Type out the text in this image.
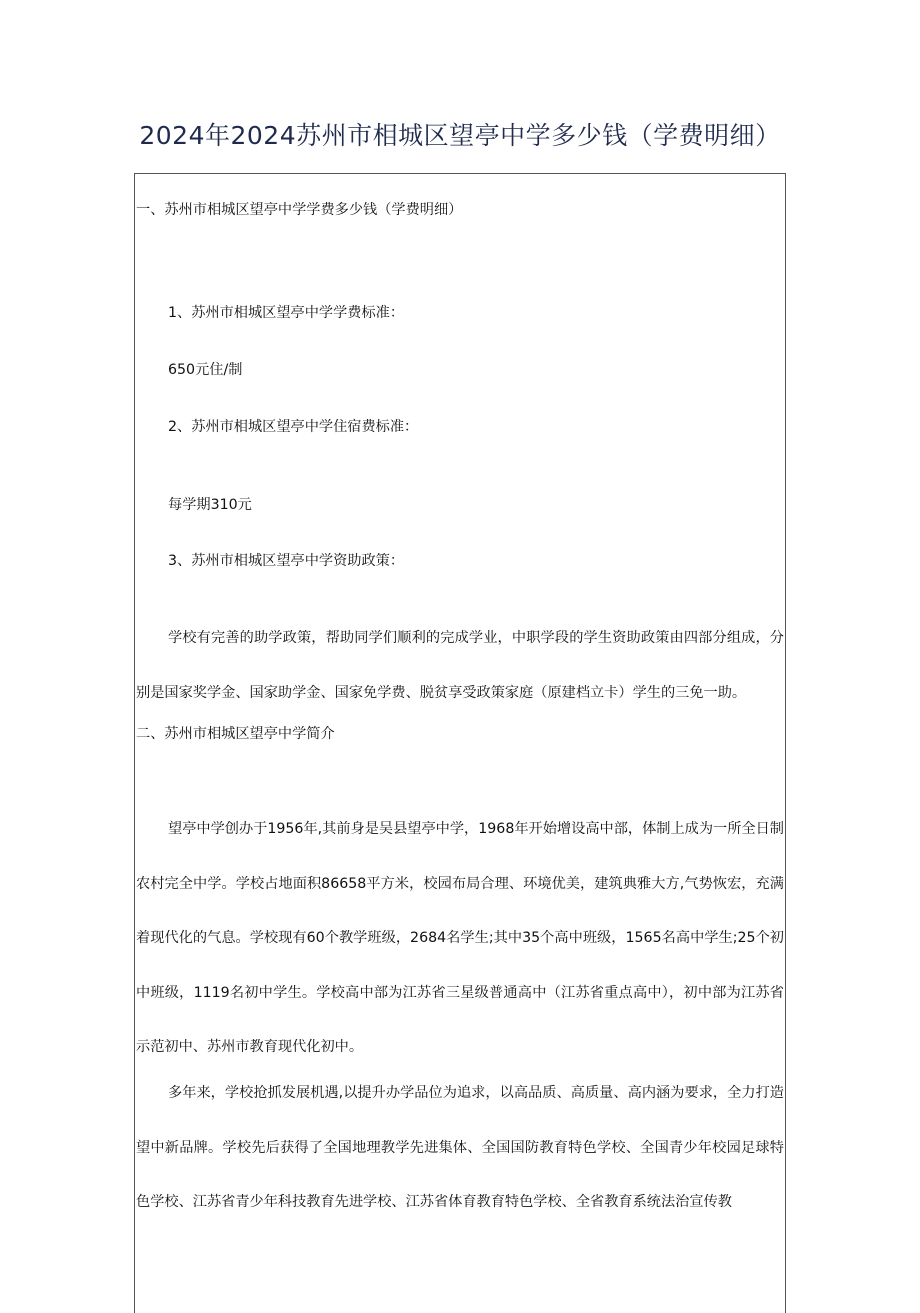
2024年2024苏州市相城区望亭中学多少钱（学费明细）
一、苏州市相城区望亭中学学费多少钱（学费明细）
1、苏州市相城区望亭中学学费标准：
650元住/制
2、苏州市相城区望亭中学住宿费标准：
每学期310元
3、苏州市相城区望亭中学资助政策：
学校有完善的助学政策，帮助同学们顺利的完成学业，中职学段的学生资助政策由四部分组成，分别是国家奖学金、国家助学金、国家免学费、脱贫享受政策家庭（原建档立卡）学生的三免一助。
二、苏州市相城区望亭中学简介
望亭中学创办于1956年,其前身是吴县望亭中学，1968年开始增设高中部，体制上成为一所全日制农村完全中学。学校占地面积86658平方米，校园布局合理、环境优美，建筑典雅大方,气势恢宏，充满着现代化的气息。学校现有60个教学班级，2684名学生;其中35个高中班级，1565名高中学生;25个初中班级，1119名初中学生。学校高中部为江苏省三星级普通高中（江苏省重点高中），初中部为江苏省示范初中、苏州市教育现代化初中。
多年来，学校抢抓发展机遇,以提升办学品位为追求，以高品质、高质量、高内涵为要求，全力打造望中新品牌。学校先后获得了全国地理教学先进集体、全国国防教育特色学校、全国青少年校园足球特色学校、江苏省青少年科技教育先进学校、江苏省体育教育特色学校、全省教育系统法治宣传教
